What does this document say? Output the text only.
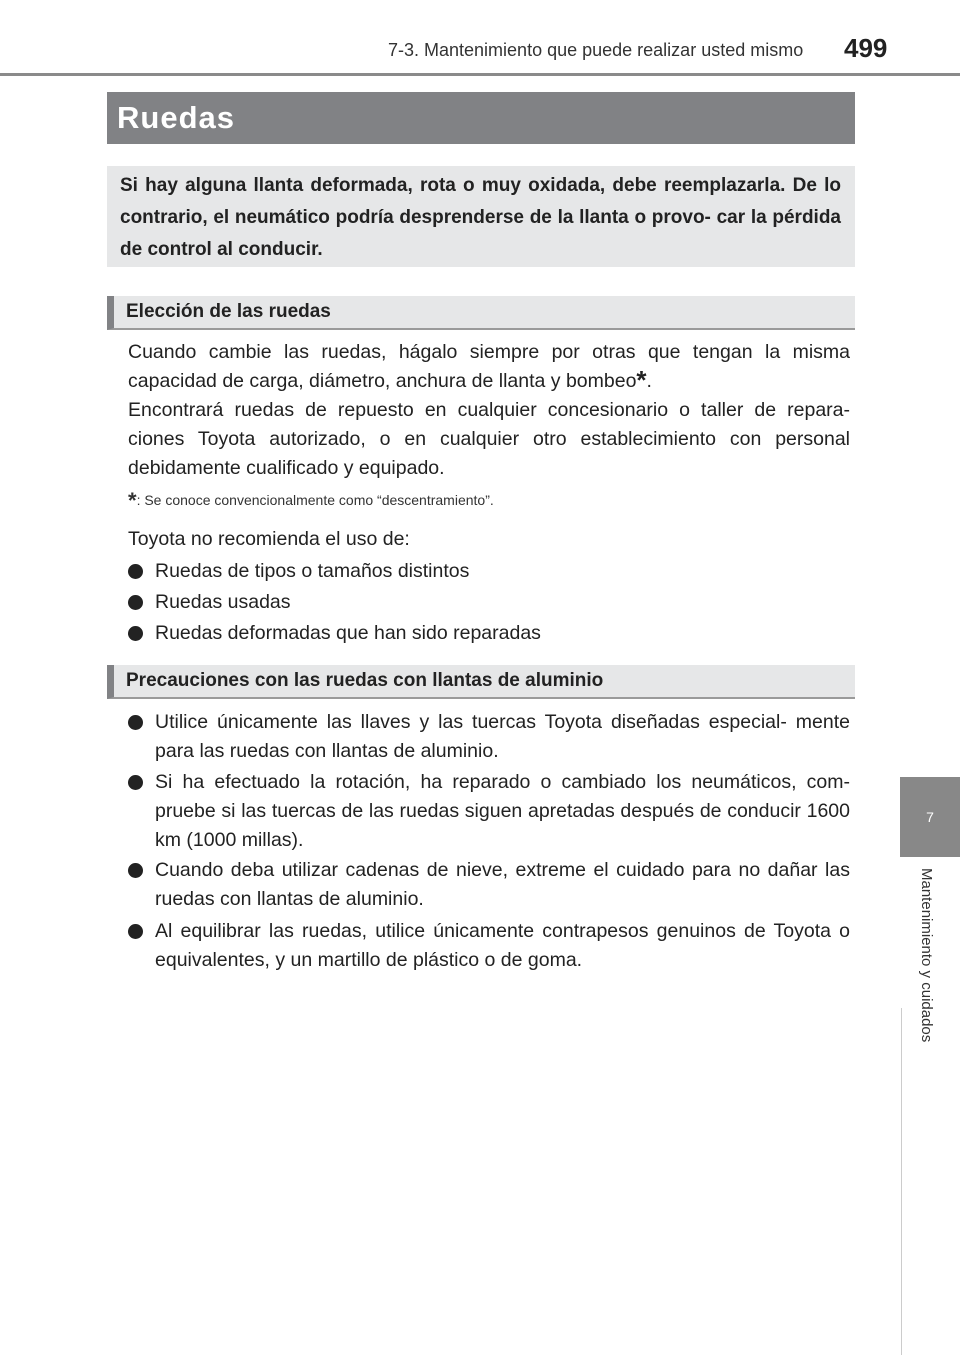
7-3. Mantenimiento que puede realizar usted mismo 499
7
Mantenimiento y cuidados
Ruedas
Si hay alguna llanta deformada, rota o muy oxidada, debe reemplazarla. De lo contrario, el neumático podría desprenderse de la llanta o provo- car la pérdida de control al conducir.
Elección de las ruedas

Cuando cambie las ruedas, hágalo siempre por otras que tengan la misma capacidad de carga, diámetro, anchura de llanta y bombeo*.

Encontrará ruedas de repuesto en cualquier concesionario o taller de repara- ciones Toyota autorizado, o en cualquier otro establecimiento con personal debidamente cualificado y equipado.

*: Se conoce convencionalmente como “descentramiento”.
Toyota no recomienda el uso de:
Ruedas de tipos o tamaños distintos
Ruedas usadas
Ruedas deformadas que han sido reparadas
Precauciones con las ruedas con llantas de aluminio
Utilice únicamente las llaves y las tuercas Toyota diseñadas especial- mente para las ruedas con llantas de aluminio.
Si ha efectuado la rotación, ha reparado o cambiado los neumáticos, com- pruebe si las tuercas de las ruedas siguen apretadas después de conducir 1600 km (1000 millas).
Cuando deba utilizar cadenas de nieve, extreme el cuidado para no dañar las ruedas con llantas de aluminio.
Al equilibrar las ruedas, utilice únicamente contrapesos genuinos de Toyota o equivalentes, y un martillo de plástico o de goma.
